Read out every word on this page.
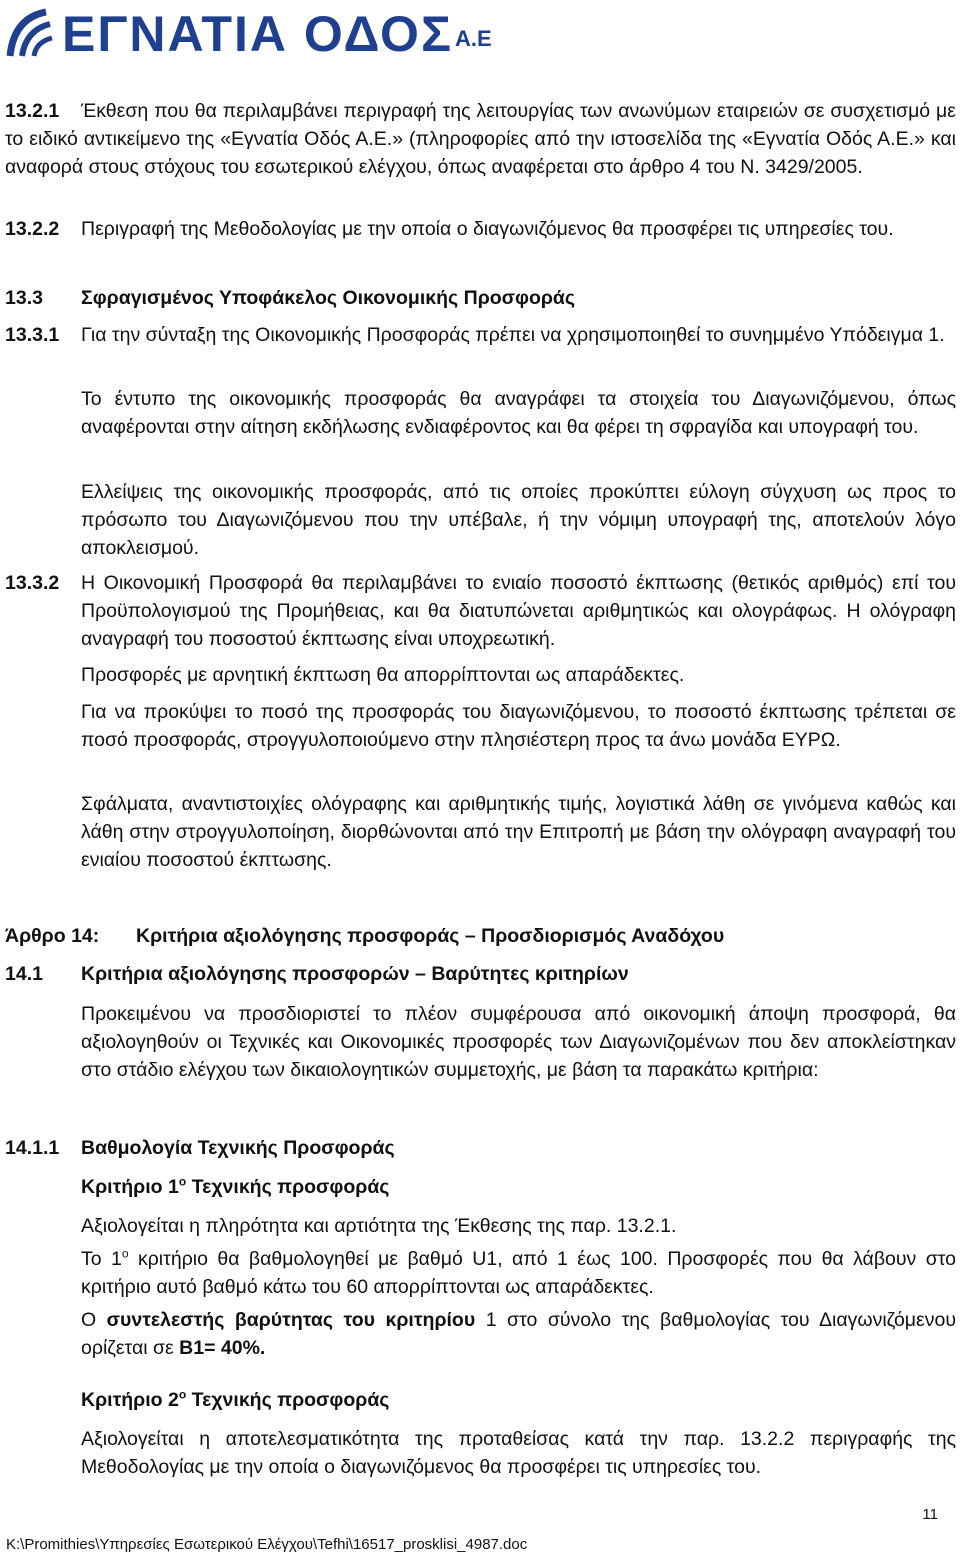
ΕΓΝΑΤΙΑ ΟΔΟΣ Α.Ε
13.2.1	Έκθεση που θα περιλαμβάνει περιγραφή της λειτουργίας των ανωνύμων εταιρειών σε συσχετισμό με το ειδικό αντικείμενο της «Εγνατία Οδός Α.Ε.» (πληροφορίες από την ιστοσελίδα της «Εγνατία Οδός Α.Ε.» και αναφορά στους στόχους του εσωτερικού ελέγχου, όπως αναφέρεται στο άρθρο 4 του Ν. 3429/2005.
13.2.2 Περιγραφή της Μεθοδολογίας με την οποία ο διαγωνιζόμενος θα προσφέρει τις υπηρεσίες του.
13.3 Σφραγισμένος Υποφάκελος Οικονομικής Προσφοράς
13.3.1 Για την σύνταξη της Οικονομικής Προσφοράς πρέπει να χρησιμοποιηθεί το συνημμένο Υπόδειγμα 1.
Το έντυπο της οικονομικής προσφοράς θα αναγράφει τα στοιχεία του Διαγωνιζόμενου, όπως αναφέρονται στην αίτηση εκδήλωσης ενδιαφέροντος και θα φέρει τη σφραγίδα και υπογραφή του.
Ελλείψεις της οικονομικής προσφοράς, από τις οποίες προκύπτει εύλογη σύγχυση ως προς το πρόσωπο του Διαγωνιζόμενου που την υπέβαλε, ή την νόμιμη υπογραφή της, αποτελούν λόγο αποκλεισμού.
13.3.2 Η Οικονομική Προσφορά θα περιλαμβάνει το ενιαίο ποσοστό έκπτωσης (θετικός αριθμός) επί του Προϋπολογισμού της Προμήθειας, και θα διατυπώνεται αριθμητικώς και ολογράφως. Η ολόγραφη αναγραφή του ποσοστού έκπτωσης είναι υποχρεωτική.
Προσφορές με αρνητική έκπτωση θα απορρίπτονται ως απαράδεκτες.
Για να προκύψει το ποσό της προσφοράς του διαγωνιζόμενου, το ποσοστό έκπτωσης τρέπεται σε ποσό προσφοράς, στρογγυλοποιούμενο στην πλησιέστερη προς τα άνω μονάδα ΕΥΡΩ.
Σφάλματα, αναντιστοιχίες ολόγραφης και αριθμητικής τιμής, λογιστικά λάθη σε γινόμενα καθώς και λάθη στην στρογγυλοποίηση, διορθώνονται από την Επιτροπή με βάση την ολόγραφη αναγραφή του ενιαίου ποσοστού έκπτωσης.
Άρθρο 14: Κριτήρια αξιολόγησης προσφοράς – Προσδιορισμός Αναδόχου
14.1 Κριτήρια αξιολόγησης προσφορών – Βαρύτητες κριτηρίων
Προκειμένου να προσδιοριστεί το πλέον συμφέρουσα από οικονομική άποψη προσφορά, θα αξιολογηθούν οι Τεχνικές και Οικονομικές προσφορές των Διαγωνιζομένων που δεν αποκλείστηκαν στο στάδιο ελέγχου των δικαιολογητικών συμμετοχής, με βάση τα παρακάτω κριτήρια:
14.1.1 Βαθμολογία Τεχνικής Προσφοράς
Κριτήριο $1^o$ Τεχνικής προσφοράς
Αξιολογείται η πληρότητα και αρτιότητα της Έκθεσης της παρ. 13.2.1.
Το $1^o$ κριτήριο θα βαθμολογηθεί με βαθμό U1, από 1 έως 100. Προσφορές που θα λάβουν στο κριτήριο αυτό βαθμό κάτω του 60 απορρίπτονται ως απαράδεκτες.
Ο συντελεστής βαρύτητας του κριτηρίου 1 στο σύνολο της βαθμολογίας του Διαγωνιζόμενου ορίζεται σε Β1= 40%.
Κριτήριο $2^o$ Τεχνικής προσφοράς
Αξιολογείται η αποτελεσματικότητα της προταθείσας κατά την παρ. 13.2.2 περιγραφής της Μεθοδολογίας με την οποία ο διαγωνιζόμενος θα προσφέρει τις υπηρεσίες του.
11
K:\Promithies\Υπηρεσίες Εσωτερικού Ελέγχου\Tefhi\16517_prosklisi_4987.doc
